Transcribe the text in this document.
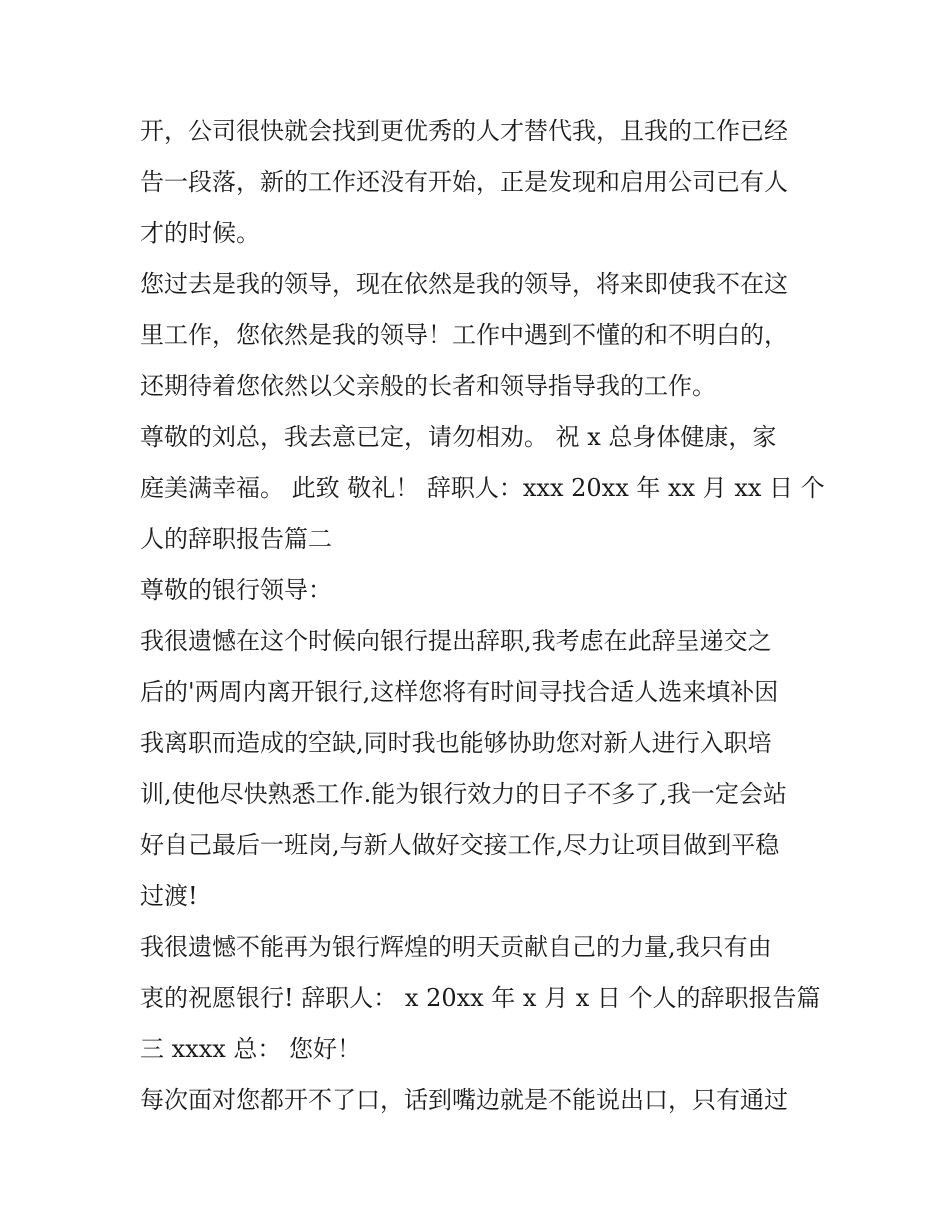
开，公司很快就会找到更优秀的人才替代我，且我的工作已经
告一段落，新的工作还没有开始，正是发现和启用公司已有人
才的时候。
您过去是我的领导，现在依然是我的领导，将来即使我不在这
里工作，您依然是我的领导！工作中遇到不懂的和不明白的，
还期待着您依然以父亲般的长者和领导指导我的工作。
尊敬的刘总，我去意已定，请勿相劝。 祝 x 总身体健康，家
庭美满幸福。 此致 敬礼！ 辞职人：xxx 20xx 年 xx 月 xx 日 个
人的辞职报告篇二
尊敬的银行领导：
我很遗憾在这个时候向银行提出辞职,我考虑在此辞呈递交之
后的'两周内离开银行,这样您将有时间寻找合适人选来填补因
我离职而造成的空缺,同时我也能够协助您对新人进行入职培
训,使他尽快熟悉工作.能为银行效力的日子不多了,我一定会站
好自己最后一班岗,与新人做好交接工作,尽力让项目做到平稳
过渡!
我很遗憾不能再为银行辉煌的明天贡献自己的力量,我只有由
衷的祝愿银行! 辞职人： x 20xx 年 x 月 x 日 个人的辞职报告篇
三 xxxx 总： 您好！
每次面对您都开不了口，话到嘴边就是不能说出口，只有通过
